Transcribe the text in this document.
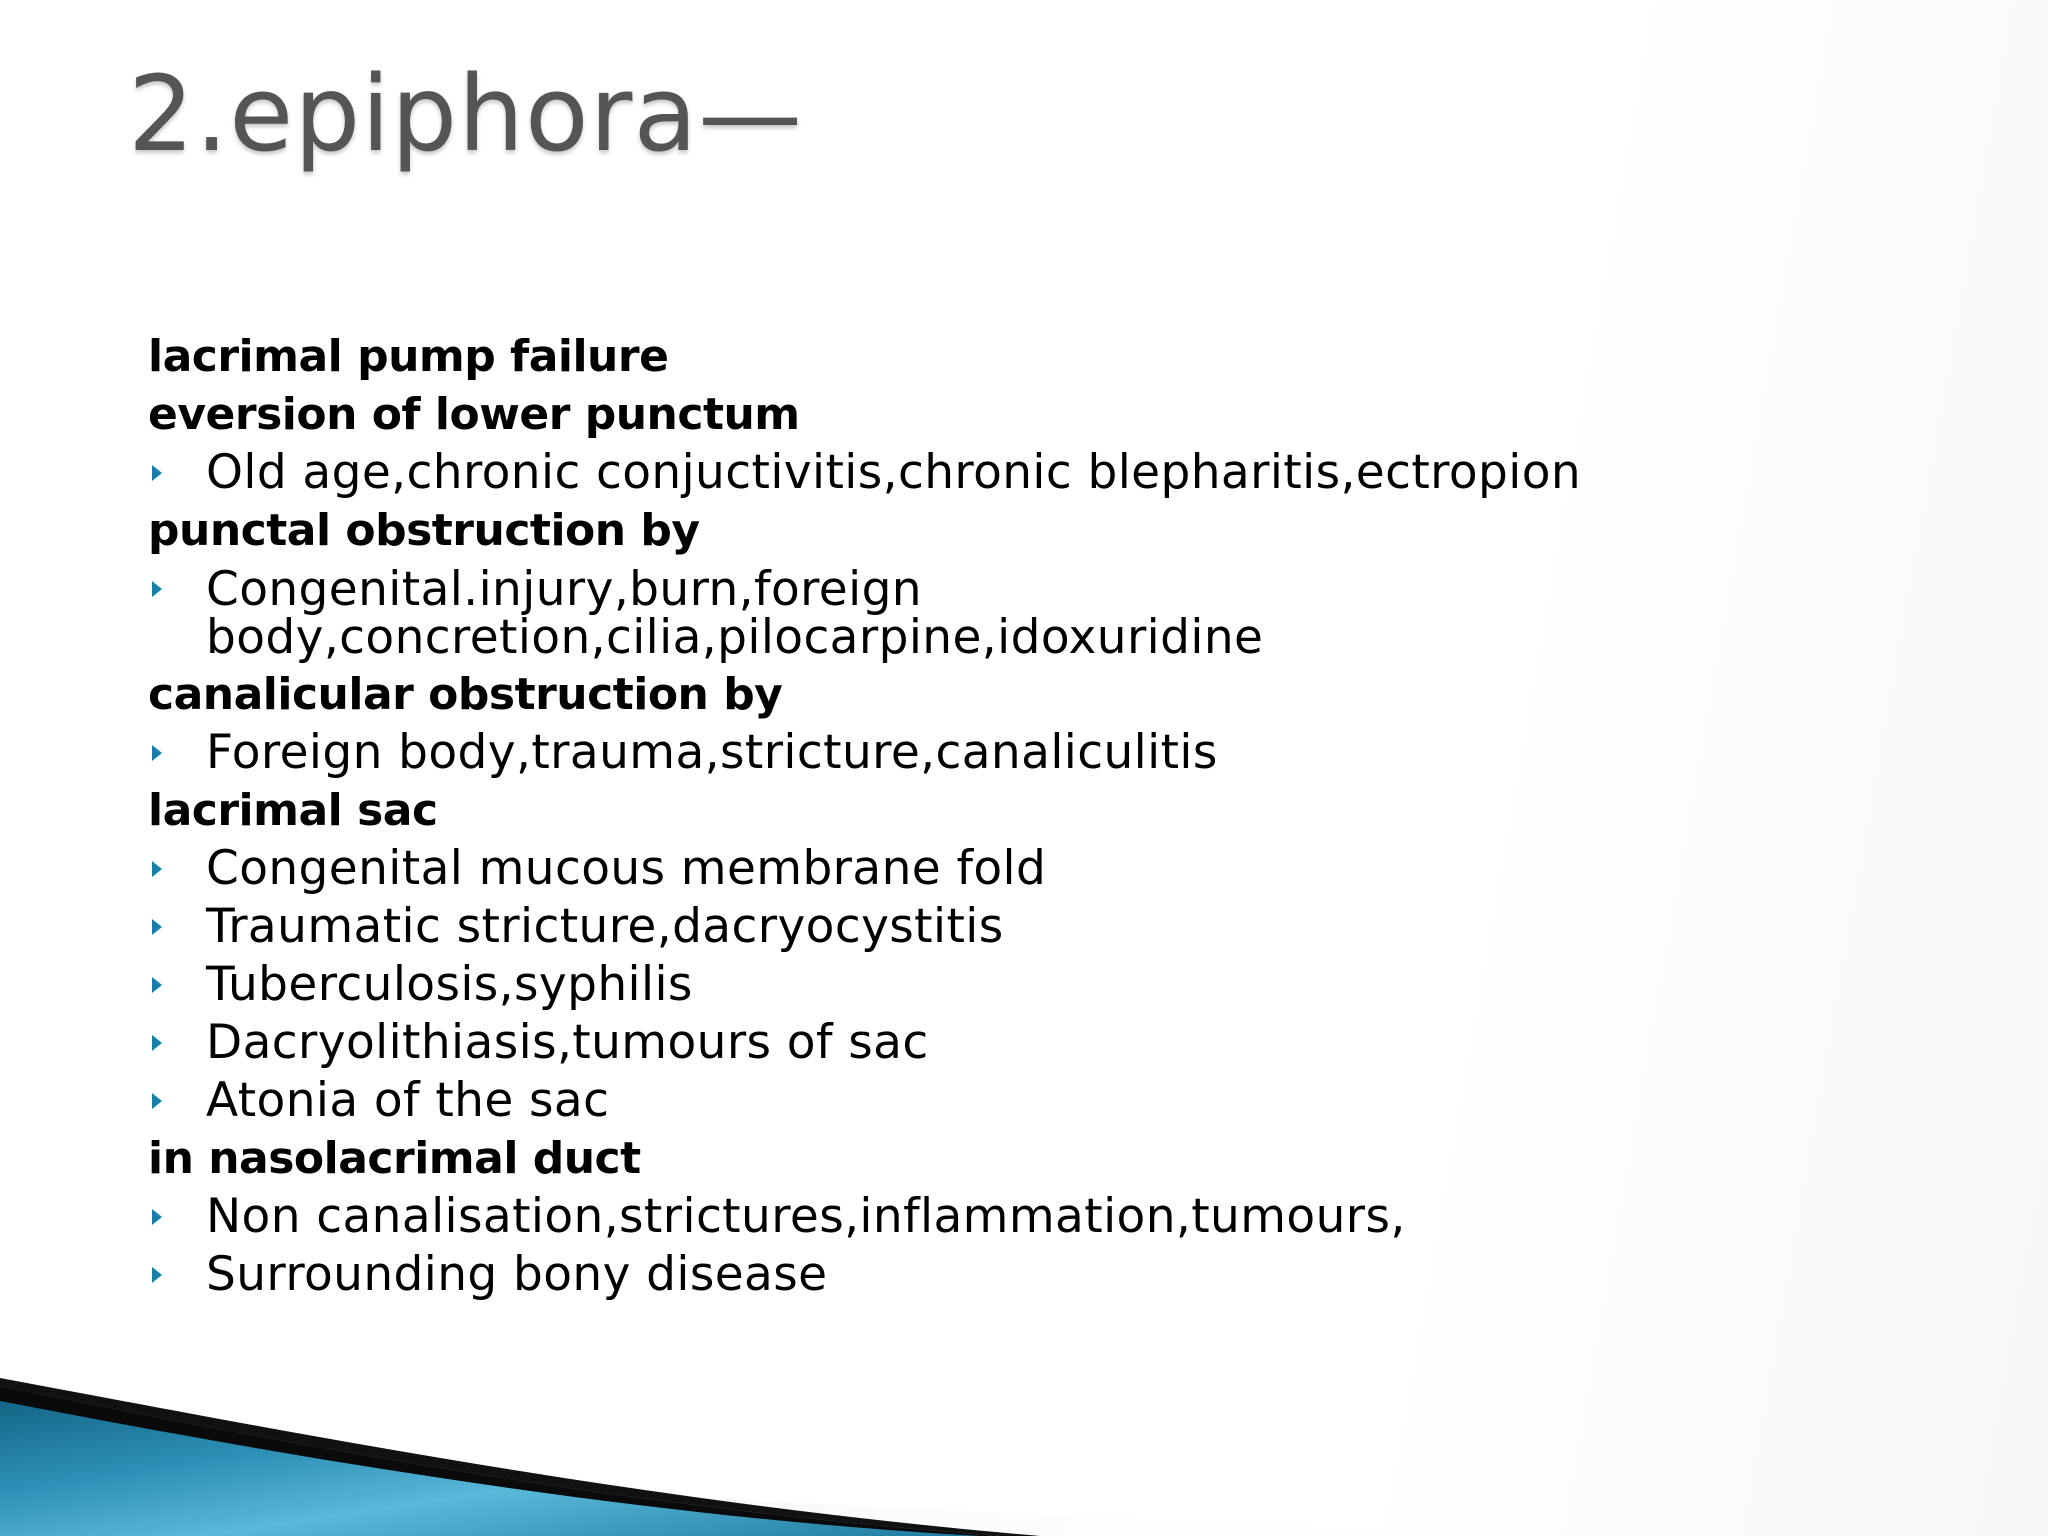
2.epiphora—
lacrimal pump failure
eversion of lower punctum
Old age,chronic conjuctivitis,chronic blepharitis,ectropion
punctal obstruction by
Congenital.injury,burn,foreign body,concretion,cilia,pilocarpine,idoxuridine
canalicular obstruction by
Foreign body,trauma,stricture,canaliculitis
lacrimal sac
Congenital mucous membrane fold
Traumatic stricture,dacryocystitis
Tuberculosis,syphilis
Dacryolithiasis,tumours of sac
Atonia of the sac
in nasolacrimal duct
Non canalisation,strictures,inflammation,tumours,
Surrounding bony disease
